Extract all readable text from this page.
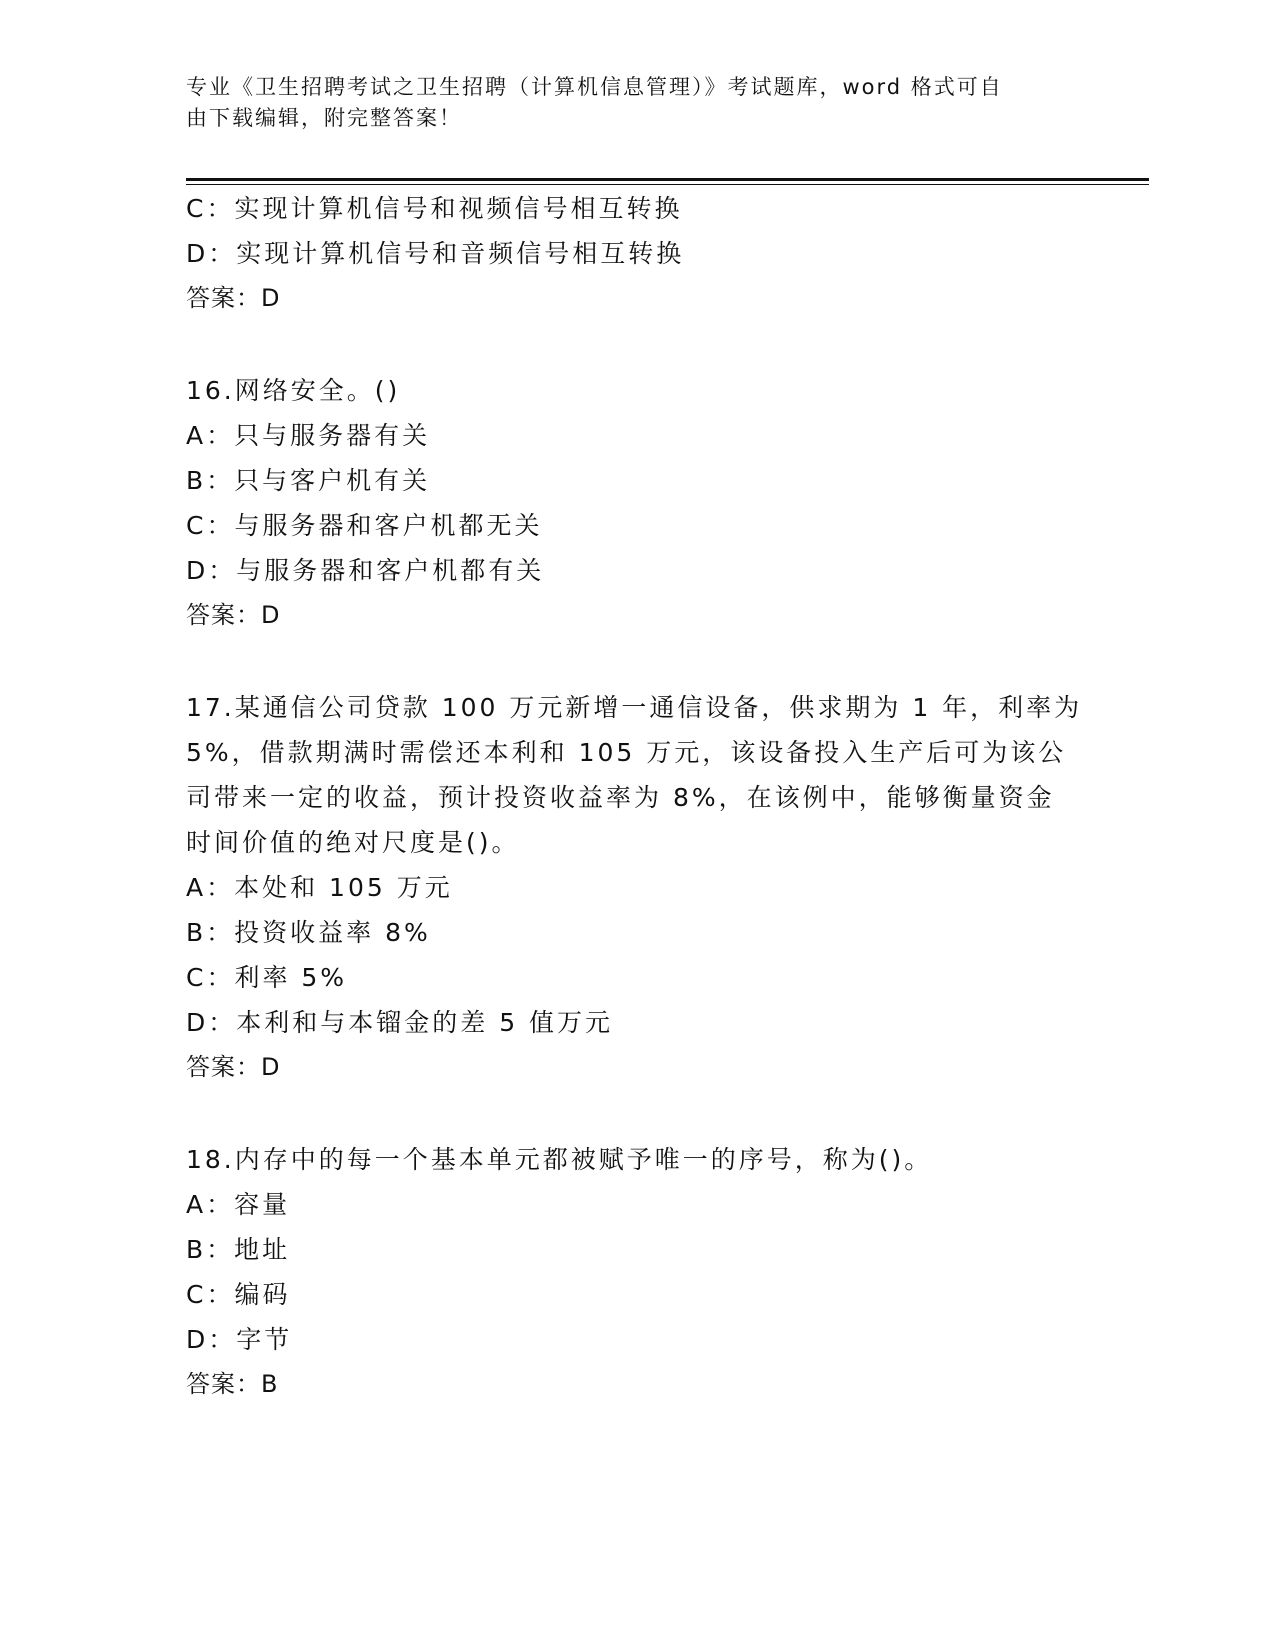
专业《卫生招聘考试之卫生招聘（计算机信息管理）》考试题库，word 格式可自
由下载编辑，附完整答案！
C：实现计算机信号和视频信号相互转换
D：实现计算机信号和音频信号相互转换
答案：D
16.网络安全。()
A：只与服务器有关
B：只与客户机有关
C：与服务器和客户机都无关
D：与服务器和客户机都有关
答案：D
17.某通信公司贷款 100 万元新增一通信设备，供求期为 1 年，利率为
5%，借款期满时需偿还本利和 105 万元，该设备投入生产后可为该公
司带来一定的收益，预计投资收益率为 8%，在该例中，能够衡量资金
时间价值的绝对尺度是()。
A：本处和 105 万元
B：投资收益率 8%
C：利率 5%
D：本利和与本镏金的差 5 值万元
答案：D
18.内存中的每一个基本单元都被赋予唯一的序号，称为()。
A：容量
B：地址
C：编码
D：字节
答案：B
